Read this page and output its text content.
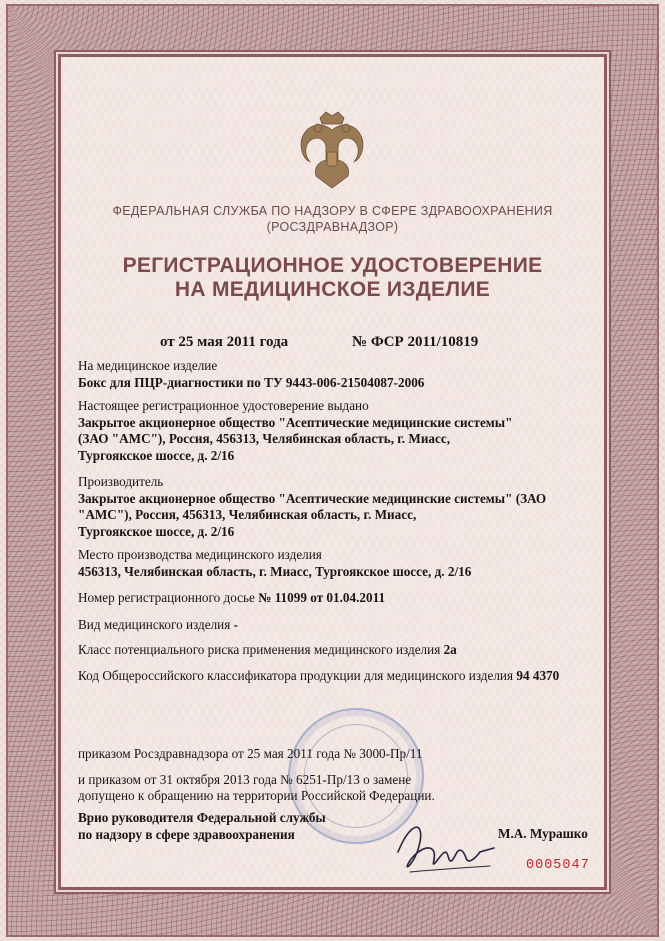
ФЕДЕРАЛЬНАЯ СЛУЖБА ПО НАДЗОРУ В СФЕРЕ ЗДРАВООХРАНЕНИЯ
(РОСЗДРАВНАДЗОР)
РЕГИСТРАЦИОННОЕ УДОСТОВЕРЕНИЕ
НА МЕДИЦИНСКОЕ ИЗДЕЛИЕ
от 25 мая 2011 года	№ ФСР 2011/10819
На медицинское изделие
Бокс для ПЦР-диагностики по ТУ 9443-006-21504087-2006
Настоящее регистрационное удостоверение выдано
Закрытое акционерное общество "Асептические медицинские системы"
(ЗАО "АМС"), Россия, 456313, Челябинская область, г. Миасс,
Тургоякское шоссе, д. 2/16
Производитель
Закрытое акционерное общество "Асептические медицинские системы" (ЗАО
"АМС"), Россия, 456313, Челябинская область, г. Миасс,
Тургоякское шоссе, д. 2/16
Место производства медицинского изделия
456313, Челябинская область, г. Миасс, Тургоякское шоссе, д. 2/16
Номер регистрационного досье № 11099 от 01.04.2011
Вид медицинского изделия -
Класс потенциального риска применения медицинского изделия 2а
Код Общероссийского классификатора продукции для медицинского изделия 94 4370
приказом Росздравнадзора от 25 мая 2011 года № 3000-Пр/11
и приказом от 31 октября 2013 года № 6251-Пр/13 о замене
допущено к обращению на территории Российской Федерации.
Врио руководителя Федеральной службы
по надзору в сфере здравоохранения	М.А. Мурашко
0005047
